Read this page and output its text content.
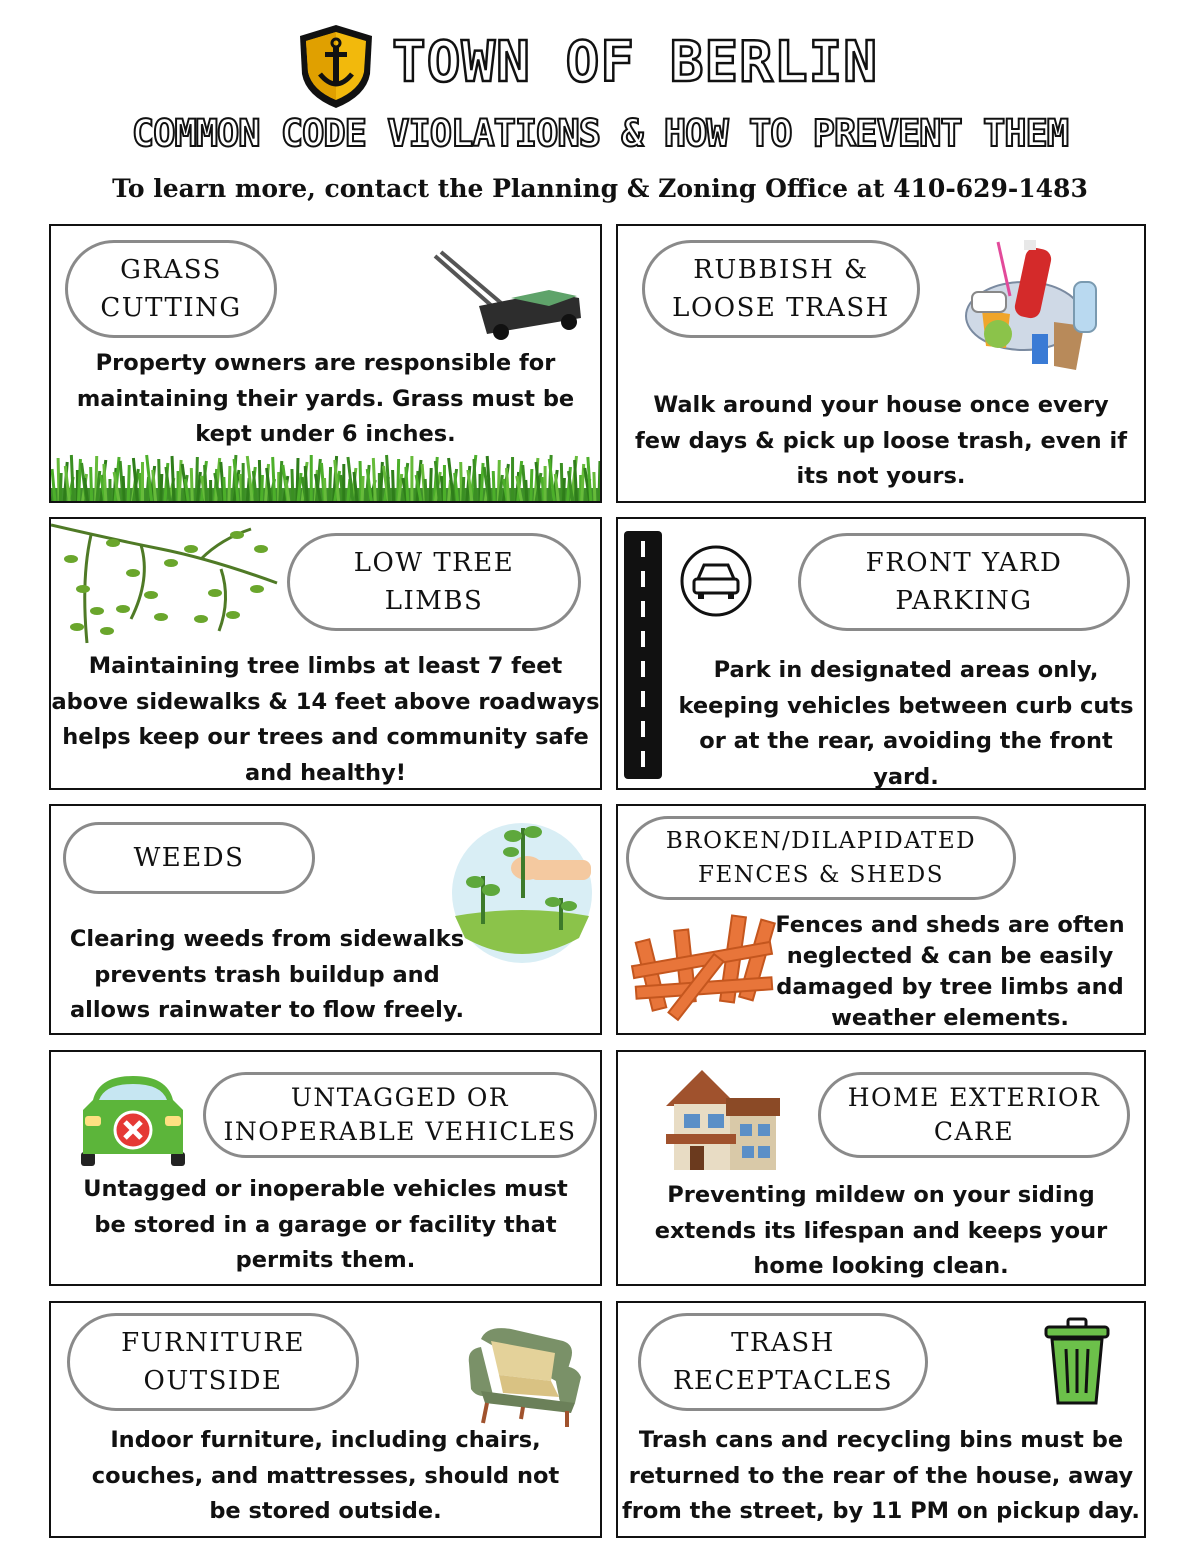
TOWN OF BERLIN
COMMON CODE VIOLATIONS & HOW TO PREVENT THEM
To learn more, contact the Planning & Zoning Office at 410-629-1483
GRASS
CUTTING
Property owners are responsible for
maintaining their yards. Grass must be
kept under 6 inches.
RUBBISH &
LOOSE TRASH
Walk around your house once every
few days & pick up loose trash, even if
its not yours.
LOW TREE
LIMBS
Maintaining tree limbs at least 7 feet
above sidewalks & 14 feet above roadways
helps keep our trees and community safe
and healthy!
FRONT YARD
PARKING
Park in designated areas only,
keeping vehicles between curb cuts
or at the rear, avoiding the front yard.
WEEDS
Clearing weeds from sidewalks
prevents trash buildup and
allows rainwater to flow freely.
BROKEN/DILAPIDATED
FENCES & SHEDS
Fences and sheds are often
neglected & can be easily
damaged by tree limbs and
weather elements.
UNTAGGED OR
INOPERABLE VEHICLES
Untagged or inoperable vehicles must
be stored in a garage or facility that
permits them.
HOME EXTERIOR
CARE
Preventing mildew on your siding
extends its lifespan and keeps your
home looking clean.
FURNITURE
OUTSIDE
Indoor furniture, including chairs,
couches, and mattresses, should not
be stored outside.
TRASH
RECEPTACLES
Trash cans and recycling bins must be
returned to the rear of the house, away
from the street, by 11 PM on pickup day.
